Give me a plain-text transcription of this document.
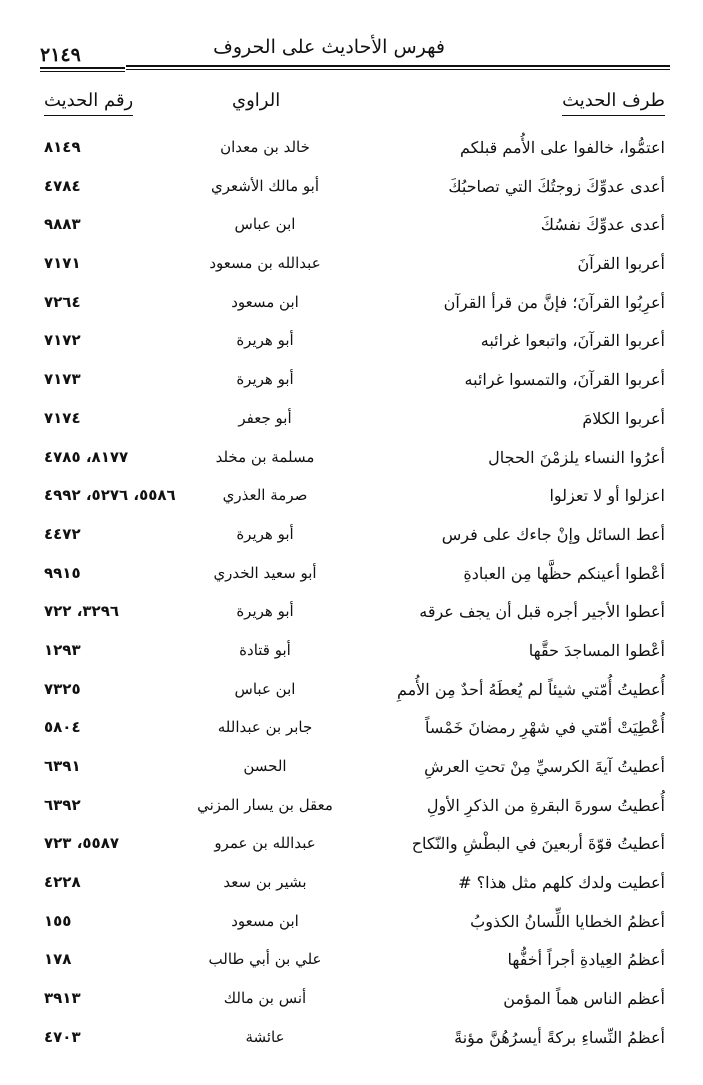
٢١٤٩	فهرس الأحاديث على الحروف
طرف الحديث
الراوي
رقم الحديث
اعتمُّوا، خالفوا على الأُمم قبلكم
خالد بن معدان
٨١٤٩
أعدى عدوِّكَ زوجتُكَ التي تصاحبُكَ
أبو مالك الأشعري
٤٧٨٤
أعدى عدوِّكَ نفسُكَ
ابن عباس
٩٨٨٣
أعربوا القرآنَ
عبدالله بن مسعود
٧١٧١
أعرِبُوا القرآنَ؛ فإنَّ من قرأ القرآن
ابن مسعود
٧٢٦٤
أعربوا القرآنَ، واتبعوا غرائبه
أبو هريرة
٧١٧٢
أعربوا القرآنَ، والتمسوا غرائبه
أبو هريرة
٧١٧٣
أعربوا الكلامَ
أبو جعفر
٧١٧٤
أعرُوا النساء يلزمْنَ الحجال
مسلمة بن مخلد
٨١٧٧، ٤٧٨٥
اعزلوا أو لا تعزلوا
صرمة العذري
٥٥٨٦، ٥٢٧٦، ٤٩٩٢
أعط السائل وإنْ جاءك على فرس
أبو هريرة
٤٤٧٢
أعْطوا أعينكم حظَّها مِن العبادةِ
أبو سعيد الخدري
٩٩١٥
أعطوا الأجير أجره قبل أن يجف عرقه
أبو هريرة
٣٢٩٦، ٧٢٢
أعْطوا المساجدَ حقَّها
أبو قتادة
١٢٩٣
أُعطيتُ أُمّتي شيئاً لم يُعطَهُ أحدٌ مِن الأُممِ
ابن عباس
٧٣٢٥
أُعْطِيَتْ أمّتي في شهْرِ رمضانَ خَمْساً
جابر بن عبدالله
٥٨٠٤
أعطيتُ آيةَ الكرسيِّ مِنْ تحتِ العرشِ
الحسن
٦٣٩١
أُعطيتُ سورةَ البقرةِ من الذكرِ الأولِ
معقل بن يسار المزني
٦٣٩٢
أعطيتُ قوّةَ أربعينَ في البطْشِ والنّكاح
عبدالله بن عمرو
٥٥٨٧، ٧٢٣
أعطيت ولدك كلهم مثل هذا؟ #
بشير بن سعد
٤٢٢٨
أعظمُ الخطايا اللِّسانُ الكذوبُ
ابن مسعود
١٥٥
أعظمُ العِيادةِ أجراً أخفُّها
علي بن أبي طالب
١٧٨
أعظم الناس هماً المؤمن
أنس بن مالك
٣٩١٣
أعظمُ النِّساءِ بركةً أيسرُهُنَّ مؤنةً
عائشة
٤٧٠٣
